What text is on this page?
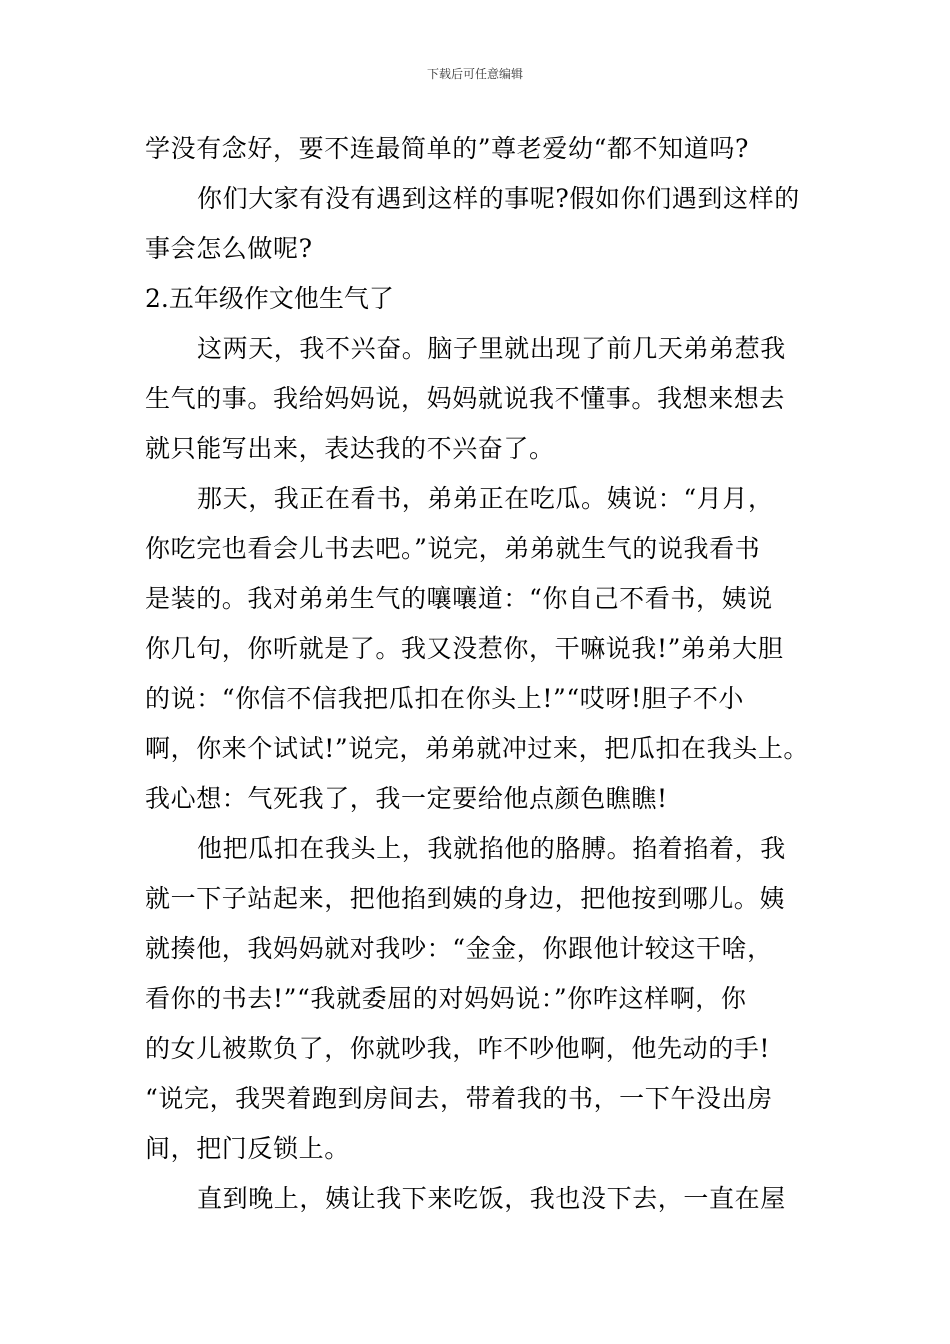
下载后可任意编辑
学没有念好，要不连最简单的”尊老爱幼“都不知道吗?
你们大家有没有遇到这样的事呢?假如你们遇到这样的
事会怎么做呢?
2.五年级作文他生气了
这两天，我不兴奋。脑子里就出现了前几天弟弟惹我
生气的事。我给妈妈说，妈妈就说我不懂事。我想来想去
就只能写出来，表达我的不兴奋了。
那天，我正在看书，弟弟正在吃瓜。姨说：“月月，
你吃完也看会儿书去吧。”说完，弟弟就生气的说我看书
是装的。我对弟弟生气的嚷嚷道：“你自己不看书，姨说
你几句，你听就是了。我又没惹你，干嘛说我!”弟弟大胆
的说：“你信不信我把瓜扣在你头上!”“哎呀!胆子不小
啊，你来个试试!”说完，弟弟就冲过来，把瓜扣在我头上。
我心想：气死我了，我一定要给他点颜色瞧瞧!
他把瓜扣在我头上，我就掐他的胳膊。掐着掐着，我
就一下子站起来，把他掐到姨的身边，把他按到哪儿。姨
就揍他，我妈妈就对我吵：“金金，你跟他计较这干啥，
看你的书去!”“我就委屈的对妈妈说：”你咋这样啊，你
的女儿被欺负了，你就吵我，咋不吵他啊，他先动的手!
“说完，我哭着跑到房间去，带着我的书，一下午没出房
间，把门反锁上。
直到晚上，姨让我下来吃饭，我也没下去，一直在屋
